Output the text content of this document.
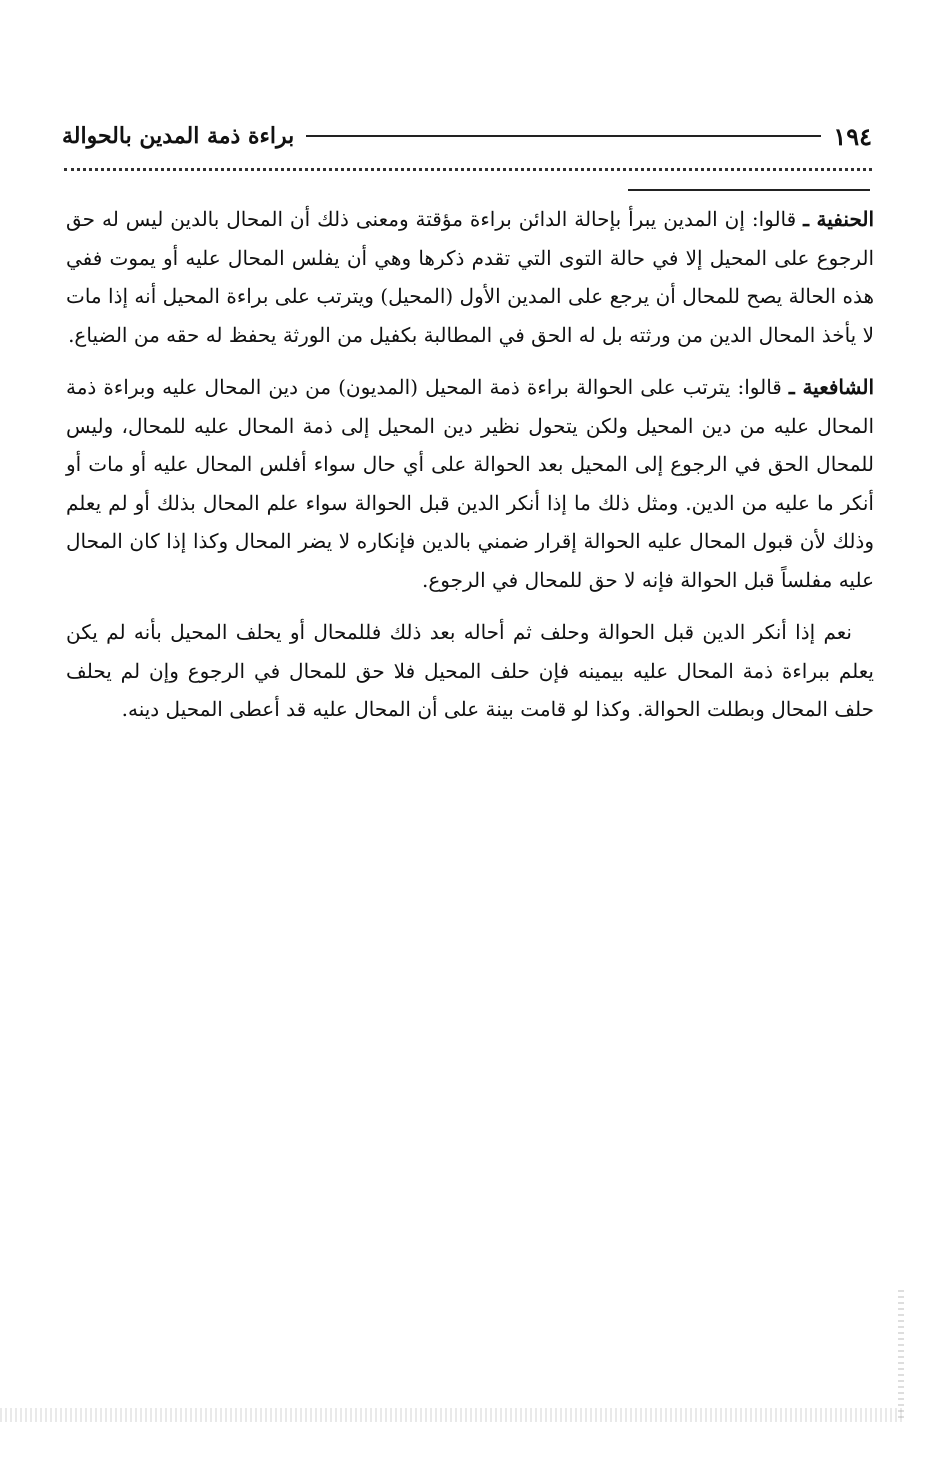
براءة ذمة المدين بالحوالة	١٩٤

الحنفية ـ قالوا: إن المدين يبرأ بإحالة الدائن براءة مؤقتة ومعنى ذلك أن المحال بالدين ليس له حق الرجوع على المحيل إلا في حالة التوى التي تقدم ذكرها وهي أن يفلس المحال عليه أو يموت ففي هذه الحالة يصح للمحال أن يرجع على المدين الأول (المحيل) ويترتب على براءة المحيل أنه إذا مات لا يأخذ المحال الدين من ورثته بل له الحق في المطالبة بكفيل من الورثة يحفظ له حقه من الضياع.

الشافعية ـ قالوا: يترتب على الحوالة براءة ذمة المحيل (المديون) من دين المحال عليه وبراءة ذمة المحال عليه من دين المحيل ولكن يتحول نظير دين المحيل إلى ذمة المحال عليه للمحال، وليس للمحال الحق في الرجوع إلى المحيل بعد الحوالة على أي حال سواء أفلس المحال عليه أو مات أو أنكر ما عليه من الدين. ومثل ذلك ما إذا أنكر الدين قبل الحوالة سواء علم المحال بذلك أو لم يعلم وذلك لأن قبول المحال عليه الحوالة إقرار ضمني بالدين فإنكاره لا يضر المحال وكذا إذا كان المحال عليه مفلساً قبل الحوالة فإنه لا حق للمحال في الرجوع.

نعم إذا أنكر الدين قبل الحوالة وحلف ثم أحاله بعد ذلك فللمحال أو يحلف المحيل بأنه لم يكن يعلم ببراءة ذمة المحال عليه بيمينه فإن حلف المحيل فلا حق للمحال في الرجوع وإن لم يحلف حلف المحال وبطلت الحوالة. وكذا لو قامت بينة على أن المحال عليه قد أعطى المحيل دينه.
